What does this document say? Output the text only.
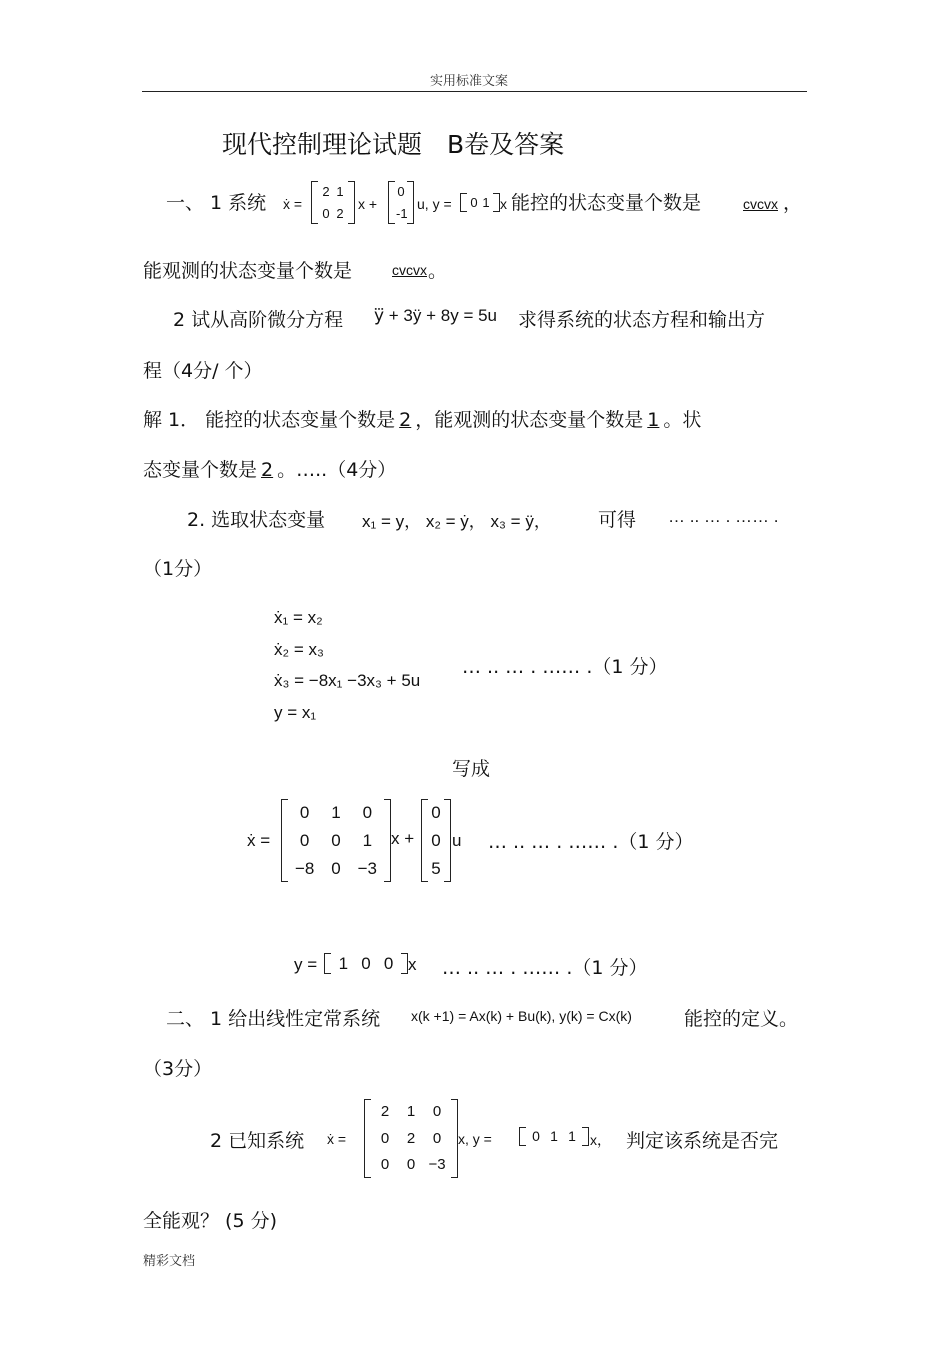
实用标准文案
现代控制理论试题　B卷及答案
一、 1 系统 ẋ =
2 1
0 2
x +
0
-1
u, y = 0 1 x 能控的状态变量个数是	cvcvx ，
能观测的状态变量个数是	cvcvx 。
2 试从高阶微分方程 y⃛ + 3ÿ + 8y = 5u 求得系统的状态方程和输出方
程（4分/ 个）
解 1． 能控的状态变量个数是 2 ，能观测的状态变量个数是 1 。状
态变量个数是 2 。…..（4分）
2. 选取状态变量 x₁ = y， x₂ = ẏ， x₃ = ÿ， 可得 … .. … . …… .
（1分）
ẋ₁ = x₂
ẋ₂ = x₃
ẋ₃ = −8x₁ −3x₃ + 5u
y = x₁
… .. … . …… .（1 分）
写成
ẋ =
0	1	0
0	0	1
−8 0 −3
x +
0
0
5
u … .. … . …… .（1 分）
y =	1 0 0 x … .. … . …… .（1 分）
二、 1 给出线性定常系统 x(k +1) = Ax(k) + Bu(k), y(k) = Cx(k)	能控的定义。
（3分）
2 已知系统 ẋ =
2	1	0
0	2	0
0	0 −3
x, y =	0 1 1	x， 判定该系统是否完
全能观？ (5 分)
精彩文档
